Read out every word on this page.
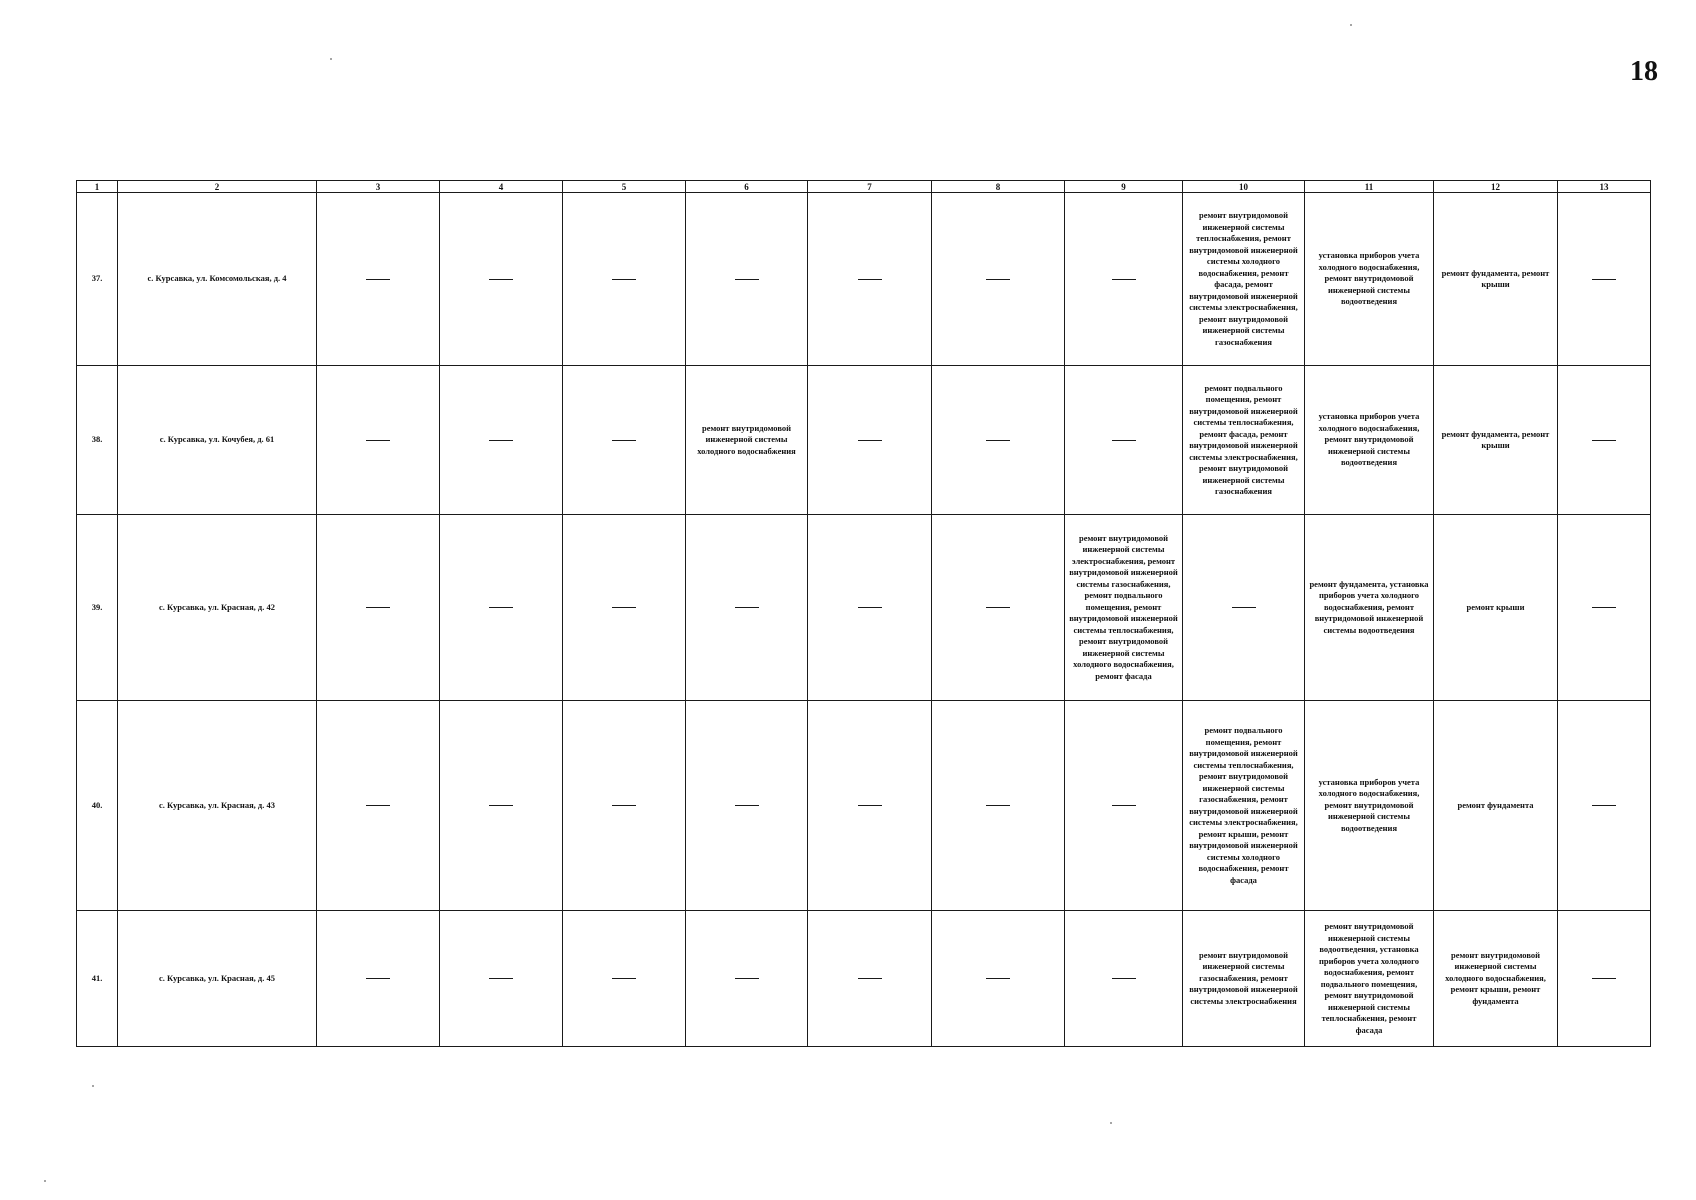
18
1	2	3	4	5	6	7	8	9	10	11	12	13
37.	с. Курсавка, ул. Комсомольская, д. 4								ремонт внутридомовой инженерной системы теплоснабжения, ремонт внутридомовой инженерной системы холодного водоснабжения, ремонт фасада, ремонт внутридомовой инженерной системы электроснабжения, ремонт внутридомовой инженерной системы газоснабжения	установка приборов учета холодного водоснабжения, ремонт внутридомовой инженерной системы водоотведения	ремонт фундамента, ремонт крыши	
38.	с. Курсавка, ул. Кочубея, д. 61				ремонт внутридомовой инженерной системы холодного водоснабжения				ремонт подвального помещения, ремонт внутридомовой инженерной системы теплоснабжения, ремонт фасада, ремонт внутридомовой инженерной системы электроснабжения, ремонт внутридомовой инженерной системы газоснабжения	установка приборов учета холодного водоснабжения, ремонт внутридомовой инженерной системы водоотведения	ремонт фундамента, ремонт крыши	
39.	с. Курсавка, ул. Красная, д. 42							ремонт внутридомовой инженерной системы электроснабжения, ремонт внутридомовой инженерной системы газоснабжения, ремонт подвального помещения, ремонт внутридомовой инженерной системы теплоснабжения, ремонт внутридомовой инженерной системы холодного водоснабжения, ремонт фасада		ремонт фундамента, установка приборов учета холодного водоснабжения, ремонт внутридомовой инженерной системы водоотведения	ремонт крыши	
40.	с. Курсавка, ул. Красная, д. 43								ремонт подвального помещения, ремонт внутридомовой инженерной системы теплоснабжения, ремонт внутридомовой инженерной системы газоснабжения, ремонт внутридомовой инженерной системы электроснабжения, ремонт крыши, ремонт внутридомовой инженерной системы холодного водоснабжения, ремонт фасада	установка приборов учета холодного водоснабжения, ремонт внутридомовой инженерной системы водоотведения	ремонт фундамента	
41.	с. Курсавка, ул. Красная, д. 45								ремонт внутридомовой инженерной системы газоснабжения, ремонт внутридомовой инженерной системы электроснабжения	ремонт внутридомовой инженерной системы водоотведения, установка приборов учета холодного водоснабжения, ремонт подвального помещения, ремонт внутридомовой инженерной системы теплоснабжения, ремонт фасада	ремонт внутридомовой инженерной системы холодного водоснабжения, ремонт крыши, ремонт фундамента	
